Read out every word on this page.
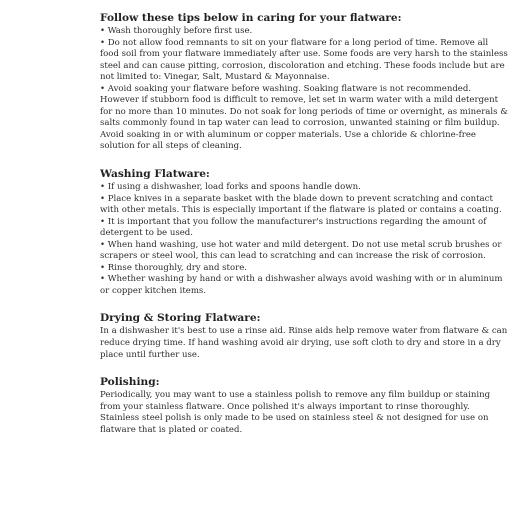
Follow these tips below in caring for your flatware:

• Wash thoroughly before first use.

• Do not allow food remnants to sit on your flatware for a long period of time. Remove all food soil from your flatware immediately after use. Some foods are very harsh to the stainless steel and can cause pitting, corrosion, discoloration and etching. These foods include but are not limited to: Vinegar, Salt, Mustard & Mayonnaise.

• Avoid soaking your flatware before washing. Soaking flatware is not recommended. However if stubborn food is difficult to remove, let set in warm water with a mild detergent for no more than 10 minutes. Do not soak for long periods of time or overnight, as minerals & salts commonly found in tap water can lead to corrosion, unwanted staining or film buildup. Avoid soaking in or with aluminum or copper materials. Use a chloride & chlorine-free solution for all steps of cleaning.

Washing Flatware:

• If using a dishwasher, load forks and spoons handle down.

• Place knives in a separate basket with the blade down to prevent scratching and contact with other metals. This is especially important if the flatware is plated or contains a coating.

• It is important that you follow the manufacturer's instructions regarding the amount of detergent to be used.

• When hand washing, use hot water and mild detergent. Do not use metal scrub brushes or scrapers or steel wool, this can lead to scratching and can increase the risk of corrosion.

• Rinse thoroughly, dry and store.

• Whether washing by hand or with a dishwasher always avoid washing with or in aluminum or copper kitchen items.

Drying & Storing Flatware:

In a dishwasher it's best to use a rinse aid. Rinse aids help remove water from flatware & can reduce drying time. If hand washing avoid air drying, use soft cloth to dry and store in a dry place until further use.

Polishing:

Periodically, you may want to use a stainless polish to remove any film buildup or staining from your stainless flatware. Once polished it's always important to rinse thoroughly. Stainless steel polish is only made to be used on stainless steel & not designed for use on flatware that is plated or coated.
